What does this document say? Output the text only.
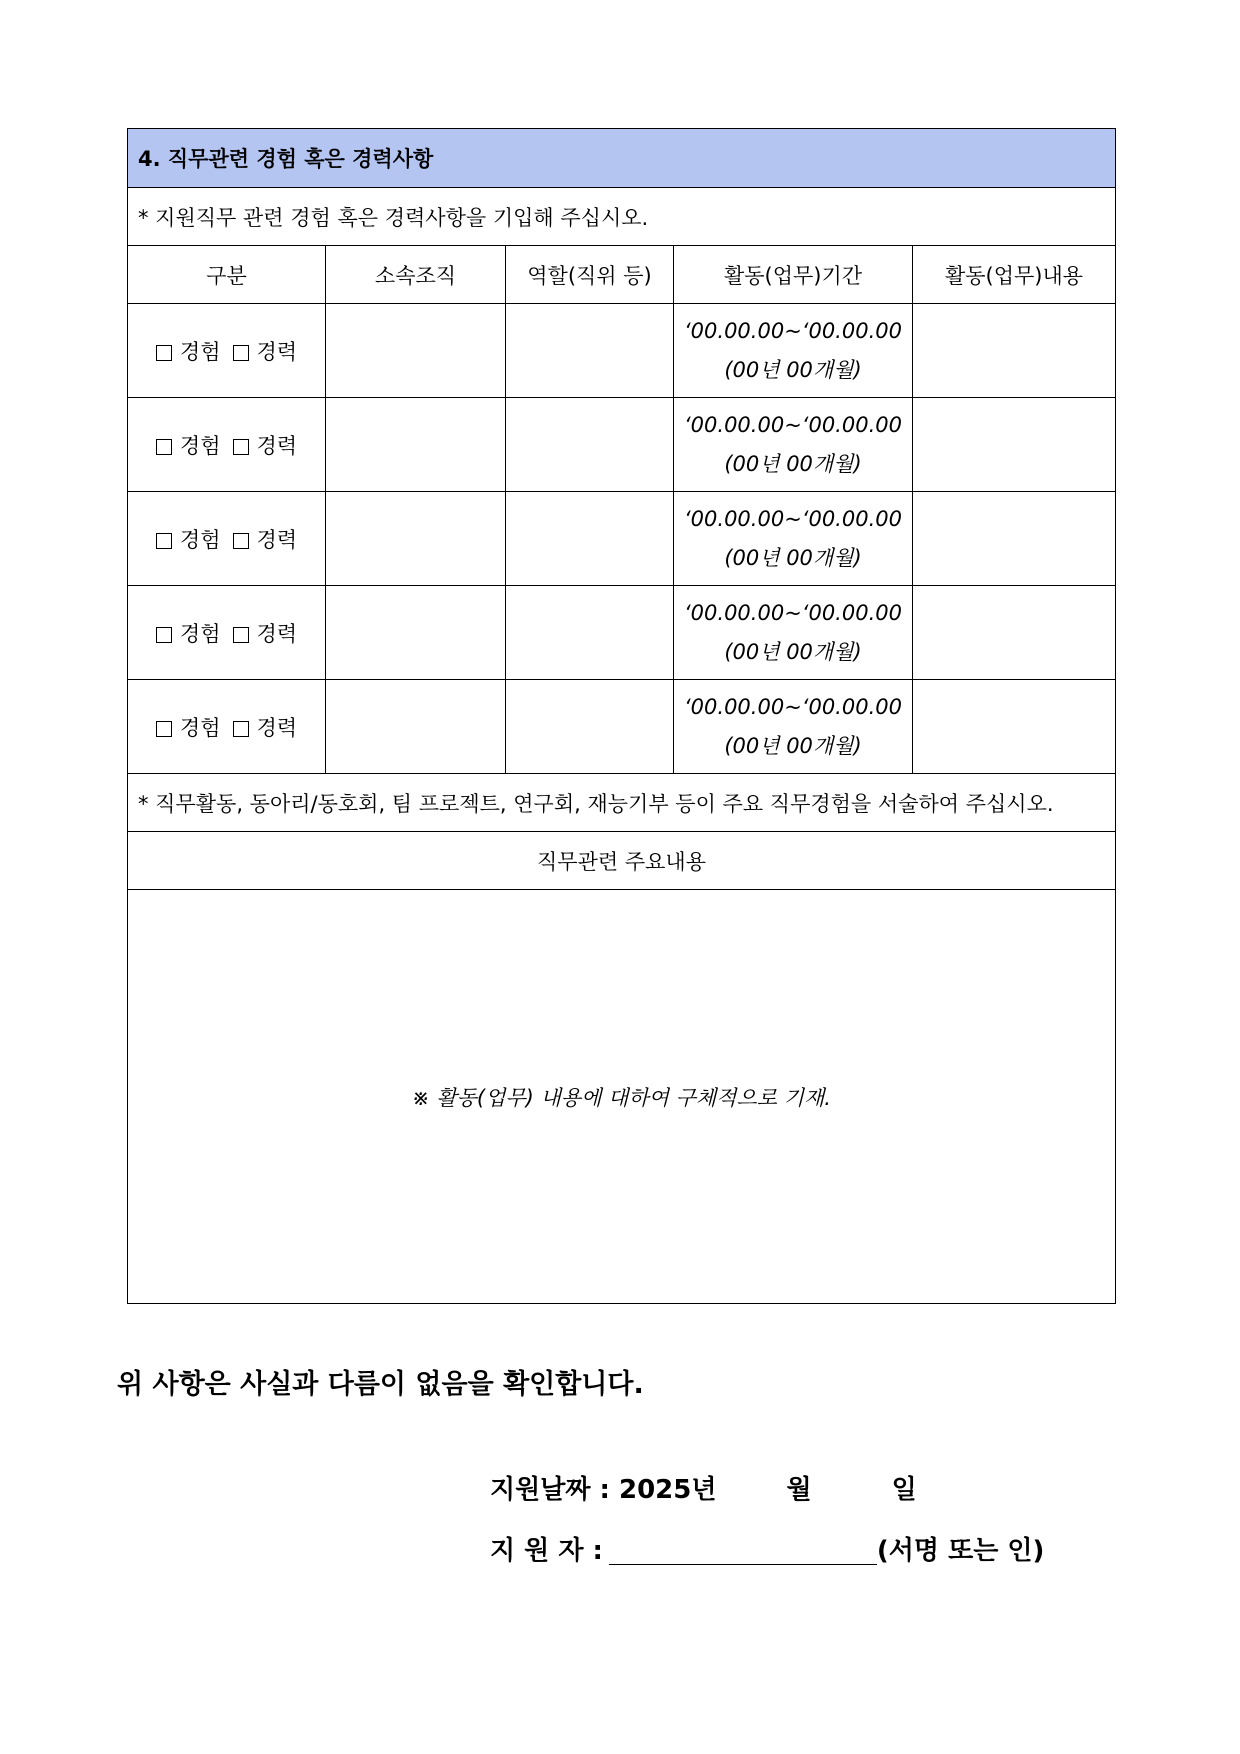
4. 직무관련 경험 혹은 경력사항				
* 지원직무 관련 경험 혹은 경력사항을 기입해 주십시오.				
구분	소속조직	역할(직위 등)	활동(업무)기간	활동(업무)내용
경험 경력			‘00.00.00~‘00.00.00
(00년 00개월)	

경험 경력			‘00.00.00~‘00.00.00
(00년 00개월)	

경험 경력			‘00.00.00~‘00.00.00
(00년 00개월)	

경험 경력			‘00.00.00~‘00.00.00
(00년 00개월)	

경험 경력			‘00.00.00~‘00.00.00
(00년 00개월)	

* 직무활동, 동아리/동호회, 팀 프로젝트, 연구회, 재능기부 등이 주요 직무경험을 서술하여 주십시오.				
직무관련 주요내용				
※ 활동(업무) 내용에 대하여 구체적으로 기재.				

위 사항은 사실과 다름이 없음을 확인합니다.

지원날짜 : 2025년	월	일
지 원 자 :	(서명 또는 인)
